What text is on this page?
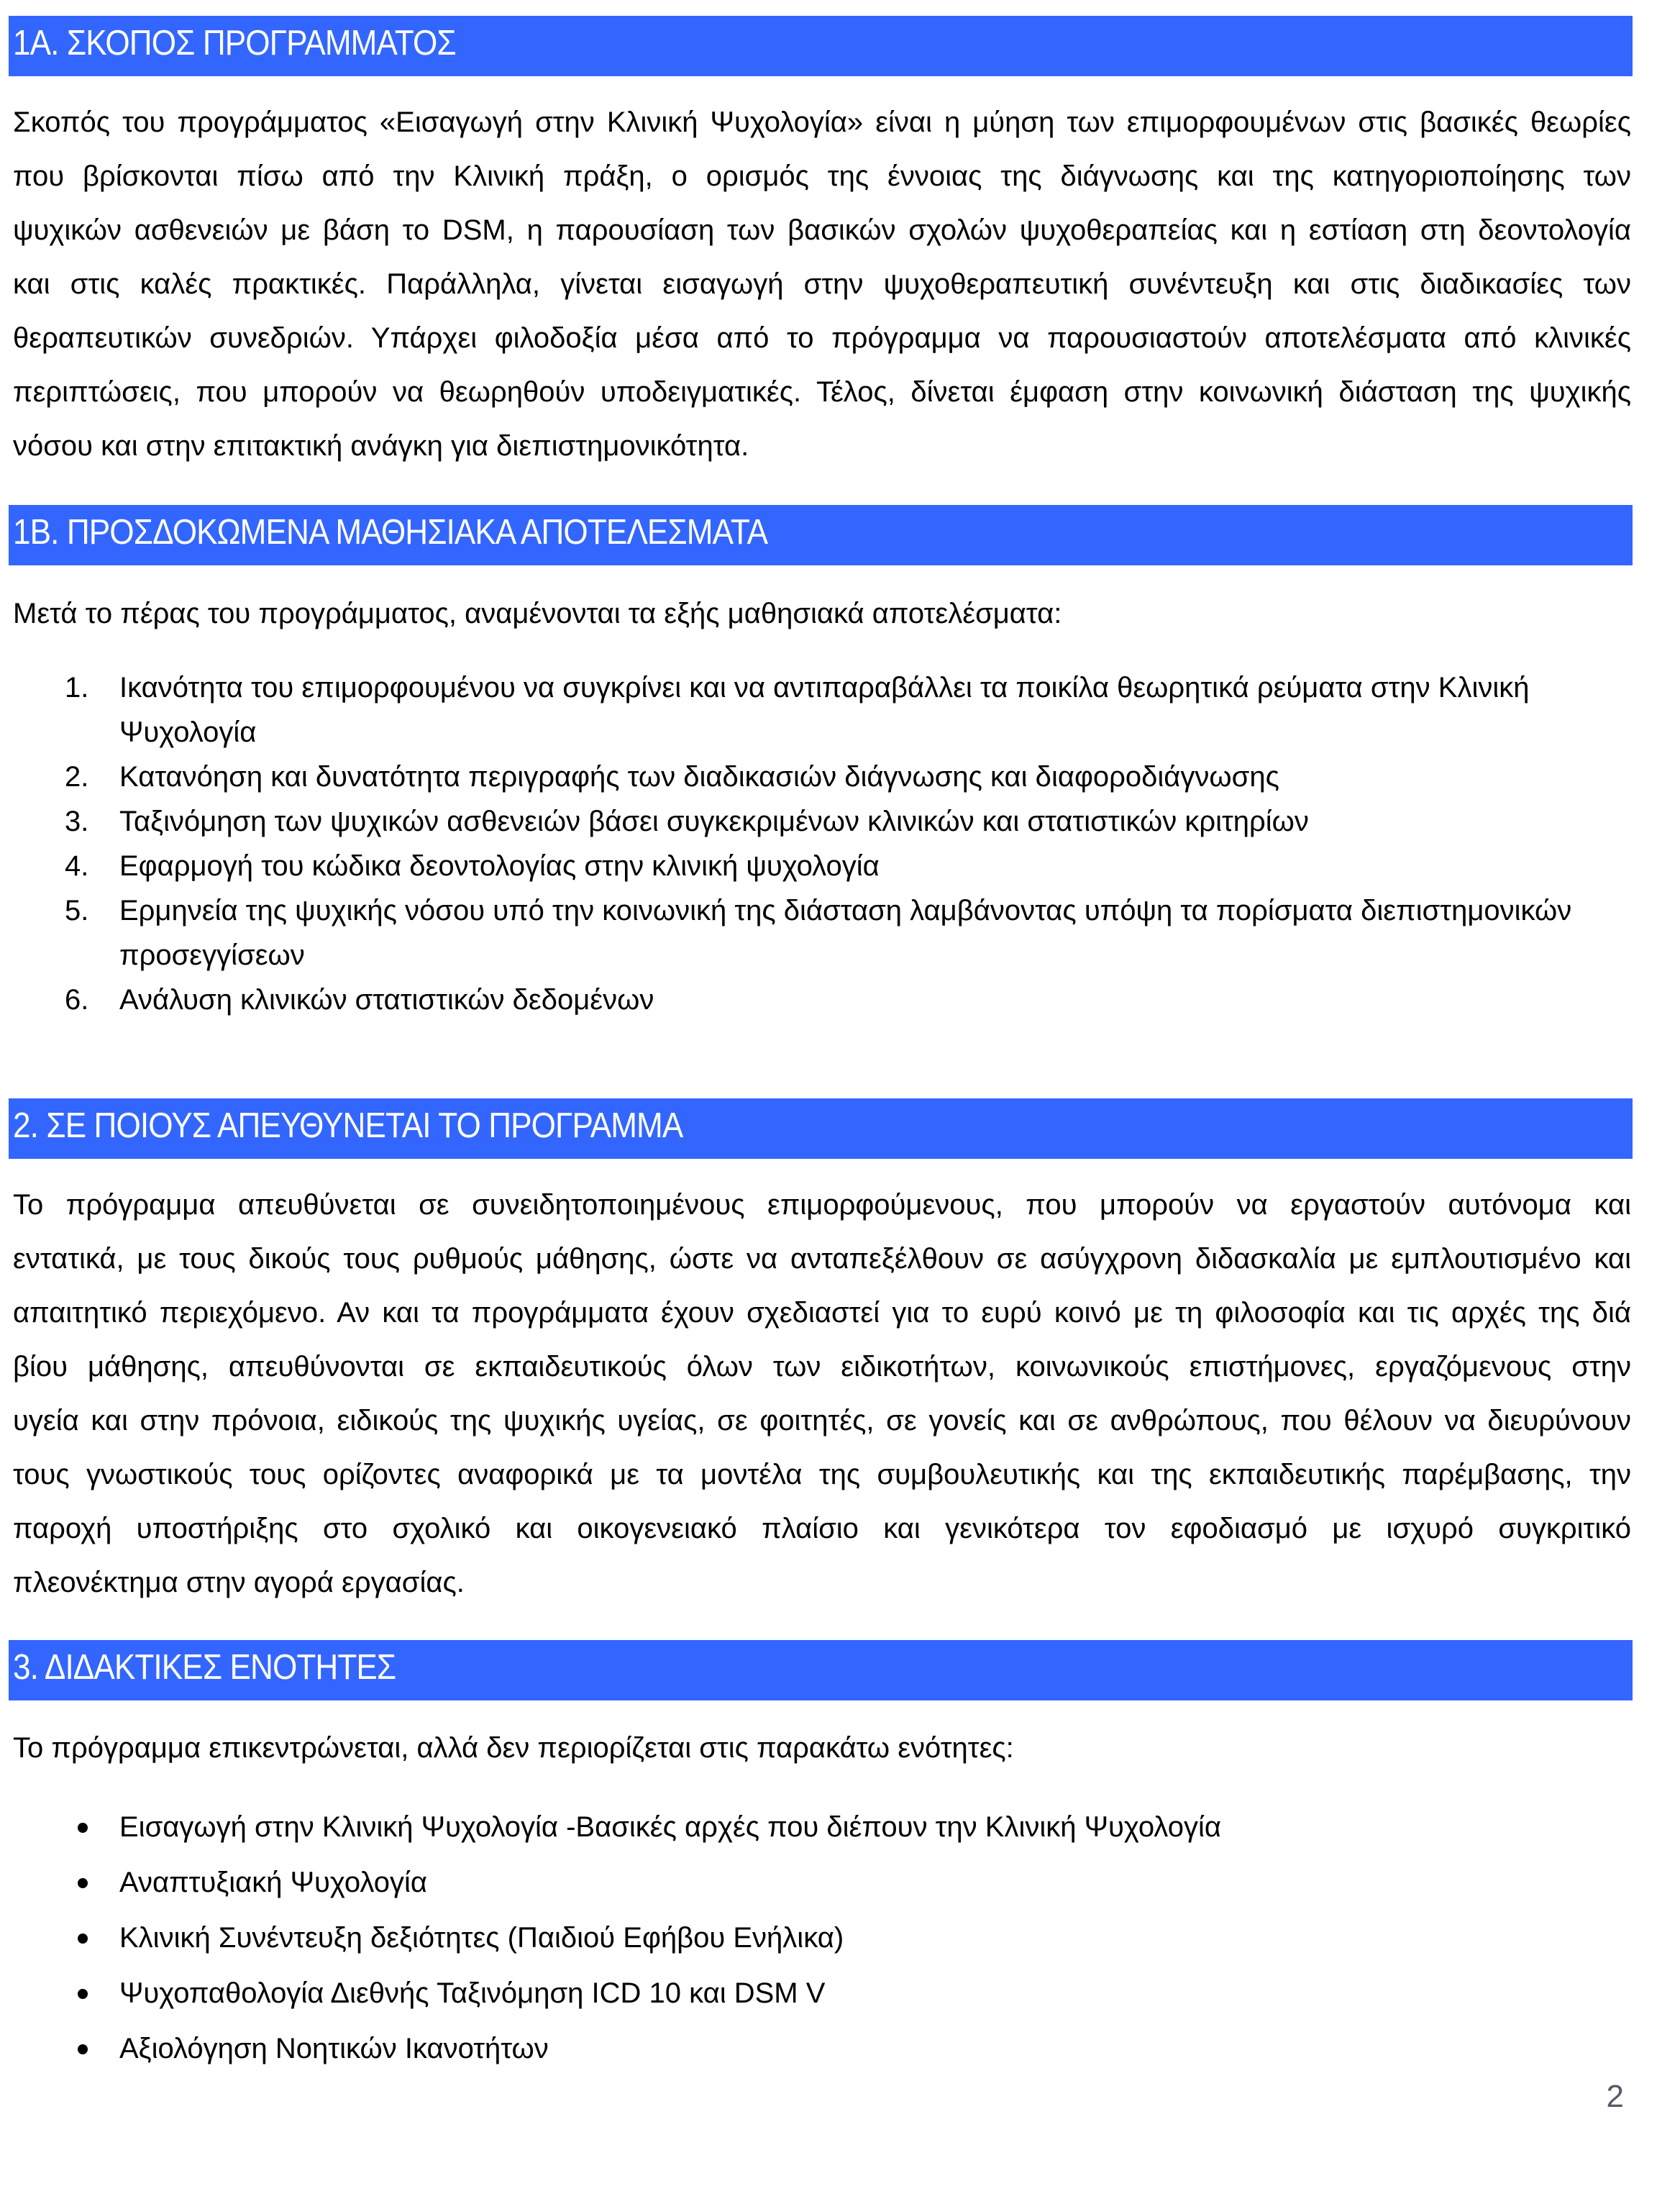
1Α. ΣΚΟΠΟΣ ΠΡΟΓΡΑΜΜΑΤΟΣ
Σκοπός του προγράμματος «Εισαγωγή στην Κλινική Ψυχολογία» είναι η μύηση των επιμορφουμένων στις βασικές θεωρίες
που βρίσκονται πίσω από την Κλινική πράξη, ο ορισμός της έννοιας της διάγνωσης και της κατηγοριοποίησης των
ψυχικών ασθενειών με βάση το DSM, η παρουσίαση των βασικών σχολών ψυχοθεραπείας και η εστίαση στη δεοντολογία
και στις καλές πρακτικές. Παράλληλα, γίνεται εισαγωγή στην ψυχοθεραπευτική συνέντευξη και στις διαδικασίες των
θεραπευτικών συνεδριών. Υπάρχει φιλοδοξία μέσα από το πρόγραμμα να παρουσιαστούν αποτελέσματα από κλινικές
περιπτώσεις, που μπορούν να θεωρηθούν υποδειγματικές. Τέλος, δίνεται έμφαση στην κοινωνική διάσταση της ψυχικής
νόσου και στην επιτακτική ανάγκη για διεπιστημονικότητα.
1Β. ΠΡΟΣΔΟΚΩΜΕΝΑ ΜΑΘΗΣΙΑΚΑ ΑΠΟΤΕΛΕΣΜΑΤΑ
Μετά το πέρας του προγράμματος, αναμένονται τα εξής μαθησιακά αποτελέσματα:
1.	Ικανότητα του επιμορφουμένου να συγκρίνει και να αντιπαραβάλλει τα ποικίλα θεωρητικά ρεύματα στην Κλινική Ψυχολογία
2.	Κατανόηση και δυνατότητα περιγραφής των διαδικασιών διάγνωσης και διαφοροδιάγνωσης
3.	Ταξινόμηση των ψυχικών ασθενειών βάσει συγκεκριμένων κλινικών και στατιστικών κριτηρίων
4.	Εφαρμογή του κώδικα δεοντολογίας στην κλινική ψυχολογία
5.	Ερμηνεία της ψυχικής νόσου υπό την κοινωνική της διάσταση λαμβάνοντας υπόψη τα πορίσματα διεπιστημονικών προσεγγίσεων
6.	Ανάλυση κλινικών στατιστικών δεδομένων
2. ΣΕ ΠΟΙΟΥΣ ΑΠΕΥΘΥΝΕΤΑΙ ΤΟ ΠΡΟΓΡΑΜΜΑ
Το πρόγραμμα απευθύνεται σε συνειδητοποιημένους επιμορφούμενους, που μπορούν να εργαστούν αυτόνομα και
εντατικά, με τους δικούς τους ρυθμούς μάθησης, ώστε να ανταπεξέλθουν σε ασύγχρονη διδασκαλία με εμπλουτισμένο και
απαιτητικό περιεχόμενο. Αν και τα προγράμματα έχουν σχεδιαστεί για το ευρύ κοινό με τη φιλοσοφία και τις αρχές της διά
βίου μάθησης, απευθύνονται σε εκπαιδευτικούς όλων των ειδικοτήτων, κοινωνικούς επιστήμονες, εργαζόμενους στην
υγεία και στην πρόνοια, ειδικούς της ψυχικής υγείας, σε φοιτητές, σε γονείς και σε ανθρώπους, που θέλουν να διευρύνουν
τους γνωστικούς τους ορίζοντες αναφορικά με τα μοντέλα της συμβουλευτικής και της εκπαιδευτικής παρέμβασης, την
παροχή υποστήριξης στο σχολικό και οικογενειακό πλαίσιο και γενικότερα τον εφοδιασμό με ισχυρό συγκριτικό
πλεονέκτημα στην αγορά εργασίας.
3. ΔΙΔΑΚΤΙΚΕΣ ΕΝΟΤΗΤΕΣ
Το πρόγραμμα επικεντρώνεται, αλλά δεν περιορίζεται στις παρακάτω ενότητες:
Εισαγωγή στην Κλινική Ψυχολογία -Βασικές αρχές που διέπουν την Κλινική Ψυχολογία
Αναπτυξιακή Ψυχολογία
Κλινική Συνέντευξη δεξιότητες (Παιδιού Εφήβου Ενήλικα)
Ψυχοπαθολογία Διεθνής Ταξινόμηση ICD 10 και DSM V
Αξιολόγηση Νοητικών Ικανοτήτων
2
